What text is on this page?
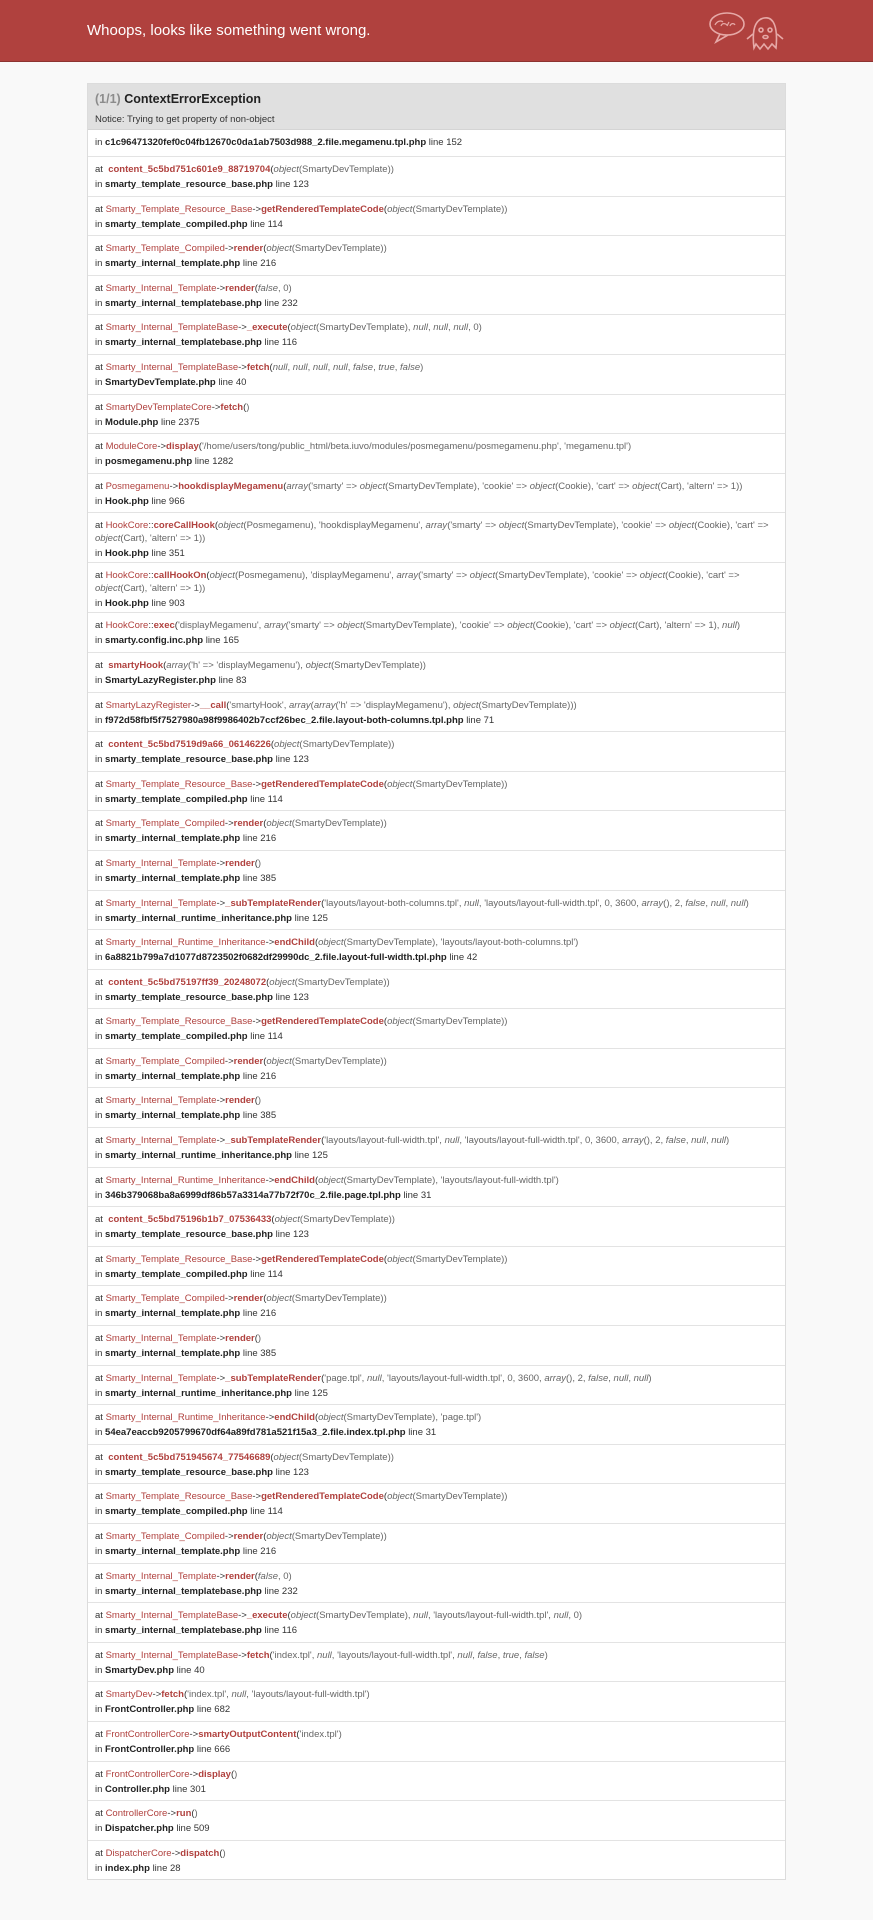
Whoops, looks like something went wrong.
(1/1) ContextErrorException
Notice: Trying to get property of non-object
in c1c96471320fef0c04fb12670c0da1ab7503d988_2.file.megamenu.tpl.php line 152
at  content_5c5bd751c601e9_88719704(object(SmartyDevTemplate))
in smarty_template_resource_base.php line 123
at Smarty_Template_Resource_Base->getRenderedTemplateCode(object(SmartyDevTemplate))
in smarty_template_compiled.php line 114
at Smarty_Template_Compiled->render(object(SmartyDevTemplate))
in smarty_internal_template.php line 216
at Smarty_Internal_Template->render(false, 0)
in smarty_internal_templatebase.php line 232
at Smarty_Internal_TemplateBase->_execute(object(SmartyDevTemplate), null, null, null, 0)
in smarty_internal_templatebase.php line 116
at Smarty_Internal_TemplateBase->fetch(null, null, null, null, false, true, false)
in SmartyDevTemplate.php line 40
at SmartyDevTemplateCore->fetch()
in Module.php line 2375
at ModuleCore->display('/home/users/tong/public_html/beta.iuvo/modules/posmegamenu/posmegamenu.php', 'megamenu.tpl')
in posmegamenu.php line 1282
at Posmegamenu->hookdisplayMegamenu(array('smarty' => object(SmartyDevTemplate), 'cookie' => object(Cookie), 'cart' => object(Cart), 'altern' => 1))
in Hook.php line 966
at HookCore::coreCallHook(object(Posmegamenu), 'hookdisplayMegamenu', array('smarty' => object(SmartyDevTemplate), 'cookie' => object(Cookie), 'cart' => object(Cart), 'altern' => 1))
in Hook.php line 351
at HookCore::callHookOn(object(Posmegamenu), 'displayMegamenu', array('smarty' => object(SmartyDevTemplate), 'cookie' => object(Cookie), 'cart' => object(Cart), 'altern' => 1))
in Hook.php line 903
at HookCore::exec('displayMegamenu', array('smarty' => object(SmartyDevTemplate), 'cookie' => object(Cookie), 'cart' => object(Cart), 'altern' => 1), null)
in smarty.config.inc.php line 165
at  smartyHook(array('h' => 'displayMegamenu'), object(SmartyDevTemplate))
in SmartyLazyRegister.php line 83
at SmartyLazyRegister->__call('smartyHook', array(array('h' => 'displayMegamenu'), object(SmartyDevTemplate)))
in f972d58fbf5f7527980a98f9986402b7ccf26bec_2.file.layout-both-columns.tpl.php line 71
at  content_5c5bd7519d9a66_06146226(object(SmartyDevTemplate))
in smarty_template_resource_base.php line 123
at Smarty_Template_Resource_Base->getRenderedTemplateCode(object(SmartyDevTemplate))
in smarty_template_compiled.php line 114
at Smarty_Template_Compiled->render(object(SmartyDevTemplate))
in smarty_internal_template.php line 216
at Smarty_Internal_Template->render()
in smarty_internal_template.php line 385
at Smarty_Internal_Template->_subTemplateRender('layouts/layout-both-columns.tpl', null, 'layouts/layout-full-width.tpl', 0, 3600, array(), 2, false, null, null)
in smarty_internal_runtime_inheritance.php line 125
at Smarty_Internal_Runtime_Inheritance->endChild(object(SmartyDevTemplate), 'layouts/layout-both-columns.tpl')
in 6a8821b799a7d1077d8723502f0682df29990dc_2.file.layout-full-width.tpl.php line 42
at  content_5c5bd75197ff39_20248072(object(SmartyDevTemplate))
in smarty_template_resource_base.php line 123
at Smarty_Template_Resource_Base->getRenderedTemplateCode(object(SmartyDevTemplate))
in smarty_template_compiled.php line 114
at Smarty_Template_Compiled->render(object(SmartyDevTemplate))
in smarty_internal_template.php line 216
at Smarty_Internal_Template->render()
in smarty_internal_template.php line 385
at Smarty_Internal_Template->_subTemplateRender('layouts/layout-full-width.tpl', null, 'layouts/layout-full-width.tpl', 0, 3600, array(), 2, false, null, null)
in smarty_internal_runtime_inheritance.php line 125
at Smarty_Internal_Runtime_Inheritance->endChild(object(SmartyDevTemplate), 'layouts/layout-full-width.tpl')
in 346b379068ba8a6999df86b57a3314a77b72f70c_2.file.page.tpl.php line 31
at  content_5c5bd75196b1b7_07536433(object(SmartyDevTemplate))
in smarty_template_resource_base.php line 123
at Smarty_Template_Resource_Base->getRenderedTemplateCode(object(SmartyDevTemplate))
in smarty_template_compiled.php line 114
at Smarty_Template_Compiled->render(object(SmartyDevTemplate))
in smarty_internal_template.php line 216
at Smarty_Internal_Template->render()
in smarty_internal_template.php line 385
at Smarty_Internal_Template->_subTemplateRender('page.tpl', null, 'layouts/layout-full-width.tpl', 0, 3600, array(), 2, false, null, null)
in smarty_internal_runtime_inheritance.php line 125
at Smarty_Internal_Runtime_Inheritance->endChild(object(SmartyDevTemplate), 'page.tpl')
in 54ea7eaccb9205799670df64a89fd781a521f15a3_2.file.index.tpl.php line 31
at  content_5c5bd751945674_77546689(object(SmartyDevTemplate))
in smarty_template_resource_base.php line 123
at Smarty_Template_Resource_Base->getRenderedTemplateCode(object(SmartyDevTemplate))
in smarty_template_compiled.php line 114
at Smarty_Template_Compiled->render(object(SmartyDevTemplate))
in smarty_internal_template.php line 216
at Smarty_Internal_Template->render(false, 0)
in smarty_internal_templatebase.php line 232
at Smarty_Internal_TemplateBase->_execute(object(SmartyDevTemplate), null, 'layouts/layout-full-width.tpl', null, 0)
in smarty_internal_templatebase.php line 116
at Smarty_Internal_TemplateBase->fetch('index.tpl', null, 'layouts/layout-full-width.tpl', null, false, true, false)
in SmartyDev.php line 40
at SmartyDev->fetch('index.tpl', null, 'layouts/layout-full-width.tpl')
in FrontController.php line 682
at FrontControllerCore->smartyOutputContent('index.tpl')
in FrontController.php line 666
at FrontControllerCore->display()
in Controller.php line 301
at ControllerCore->run()
in Dispatcher.php line 509
at DispatcherCore->dispatch()
in index.php line 28
